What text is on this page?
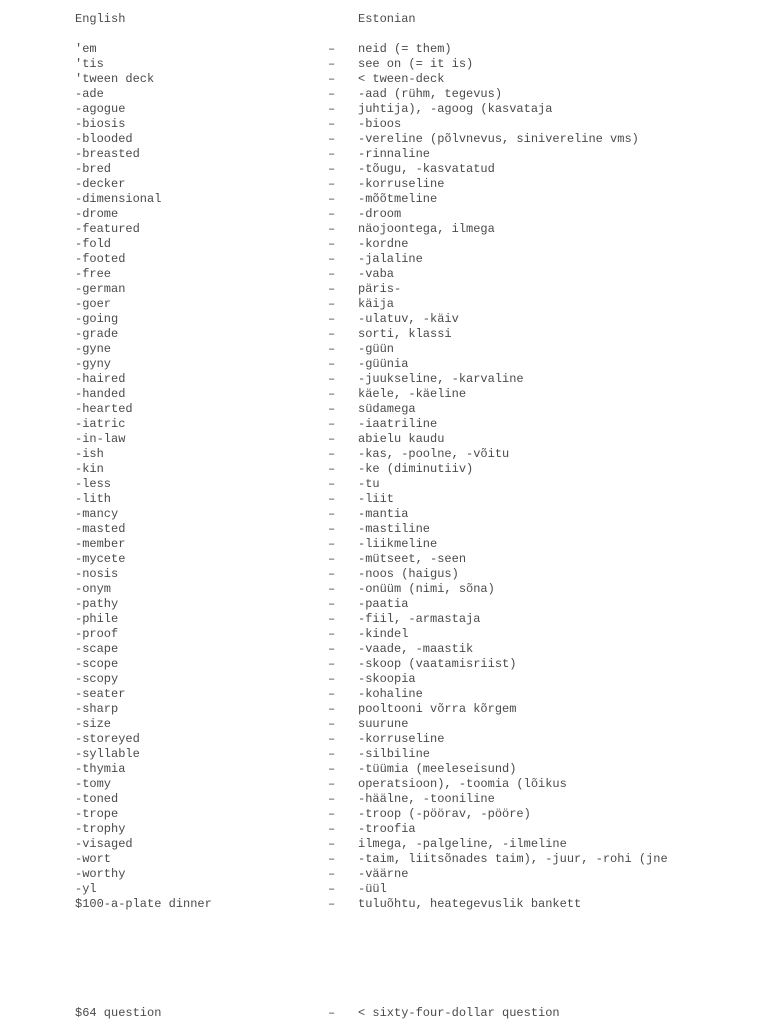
English	Estonian
'em	– neid (= them)
'tis	– see on (= it is)
'tween deck	– < tween-deck
-ade	– -aad (rühm, tegevus)
-agogue	– juhtija), -agoog (kasvataja
-biosis	– -bioos
-blooded	– -vereline (põlvnevus, sinivereline vms)
-breasted	– -rinnaline
-bred	– -tõugu, -kasvatatud
-decker	– -korruseline
-dimensional	– -mõõtmeline
-drome	– -droom
-featured	– näojoontega, ilmega
-fold	– -kordne
-footed	– -jalaline
-free	– -vaba
-german	– päris-
-goer	– käija
-going	– -ulatuv, -käiv
-grade	– sorti, klassi
-gyne	– -güün
-gyny	– -güünia
-haired	– -juukseline, -karvaline
-handed	– käele, -käeline
-hearted	– südamega
-iatric	– -iaatriline
-in-law	– abielu kaudu
-ish	– -kas, -poolne, -võitu
-kin	– -ke (diminutiiv)
-less	– -tu
-lith	– -liit
-mancy	– -mantia
-masted	– -mastiline
-member	– -liikmeline
-mycete	– -mütseet, -seen
-nosis	– -noos (haigus)
-onym	– -onüüm (nimi, sõna)
-pathy	– -paatia
-phile	– -fiil, -armastaja
-proof	– -kindel
-scape	– -vaade, -maastik
-scope	– -skoop (vaatamisriist)
-scopy	– -skoopia
-seater	– -kohaline
-sharp	– pooltooni võrra kõrgem
-size	– suurune
-storeyed	– -korruseline
-syllable	– -silbiline
-thymia	– -tüümia (meeleseisund)
-tomy	– operatsioon), -toomia (lõikus
-toned	– -häälne, -tooniline
-trope	– -troop (-pöörav, -pööre)
-trophy	– -troofia
-visaged	– ilmega, -palgeline, -ilmeline
-wort	– -taim, liitsõnades taim), -juur, -rohi (jne
-worthy	– -väärne
-yl	– -üül
$100-a-plate dinner	– tuluõhtu, heategevuslik bankett
$64 question	– < sixty-four-dollar question
